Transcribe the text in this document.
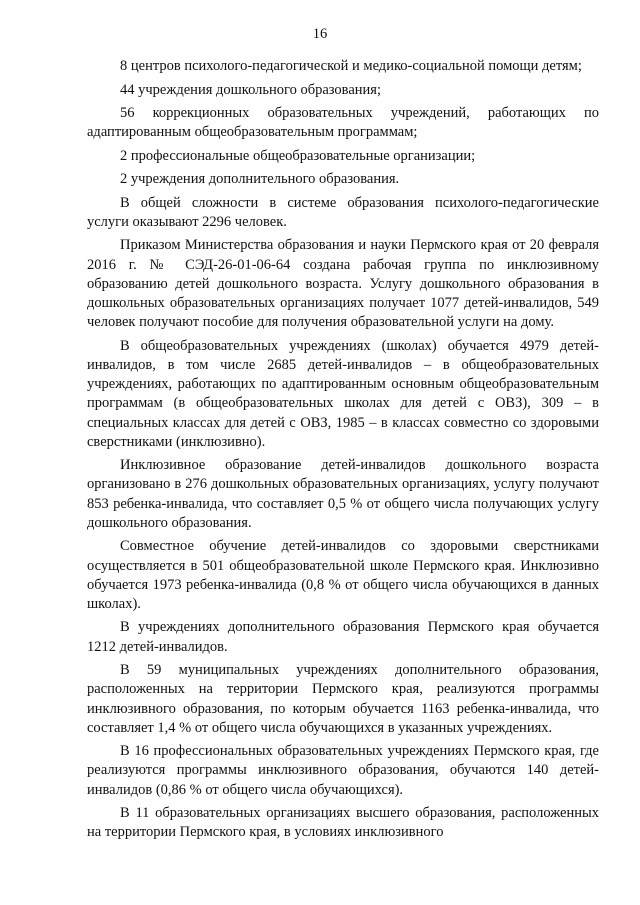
16

8 центров психолого-педагогической и медико-социальной помощи детям;

44 учреждения дошкольного образования;

56 коррекционных образовательных учреждений, работающих по адаптированным общеобразовательным программам;

2 профессиональные общеобразовательные организации;

2 учреждения дополнительного образования.

В общей сложности в системе образования психолого-педагогические услуги оказывают 2296 человек.

Приказом Министерства образования и науки Пермского края от 20 февраля 2016 г. № СЭД-26-01-06-64 создана рабочая группа по инклюзивному образованию детей дошкольного возраста. Услугу дошкольного образования в дошкольных образовательных организациях получает 1077 детей-инвалидов, 549 человек получают пособие для получения образовательной услуги на дому.

В общеобразовательных учреждениях (школах) обучается 4979 детей-инвалидов, в том числе 2685 детей-инвалидов – в общеобразовательных учреждениях, работающих по адаптированным основным общеобразовательным программам (в общеобразовательных школах для детей с ОВЗ), 309 – в специальных классах для детей с ОВЗ, 1985 – в классах совместно со здоровыми сверстниками (инклюзивно).

Инклюзивное образование детей-инвалидов дошкольного возраста организовано в 276 дошкольных образовательных организациях, услугу получают 853 ребенка-инвалида, что составляет 0,5 % от общего числа получающих услугу дошкольного образования.

Совместное обучение детей-инвалидов со здоровыми сверстниками осуществляется в 501 общеобразовательной школе Пермского края. Инклюзивно обучается 1973 ребенка-инвалида (0,8 % от общего числа обучающихся в данных школах).

В учреждениях дополнительного образования Пермского края обучается 1212 детей-инвалидов.

В 59 муниципальных учреждениях дополнительного образования, расположенных на территории Пермского края, реализуются программы инклюзивного образования, по которым обучается 1163 ребенка-инвалида, что составляет 1,4 % от общего числа обучающихся в указанных учреждениях.

В 16 профессиональных образовательных учреждениях Пермского края, где реализуются программы инклюзивного образования, обучаются 140 детей-инвалидов (0,86 % от общего числа обучающихся).

В 11 образовательных организациях высшего образования, расположенных на территории Пермского края, в условиях инклюзивного
